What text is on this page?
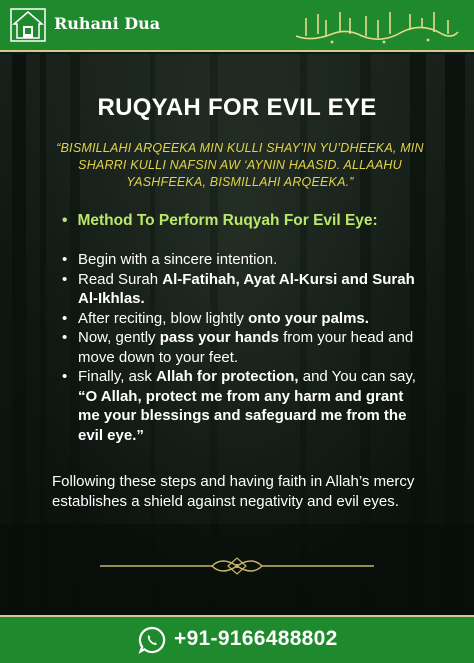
Ruhani Dua
RUQYAH FOR EVIL EYE
“BISMILLAHI ARQEEKA MIN KULLI SHAY’IN YU’DHEEKA, MIN SHARRI KULLI NAFSIN AW ‘AYNIN HAASID. ALLAAHU YASHFEEKA, BISMILLAHI ARQEEKA.”
• Method To Perform Ruqyah For Evil Eye:
• Begin with a sincere intention.
• Read Surah Al-Fatihah, Ayat Al-Kursi and Surah Al-Ikhlas.
• After reciting, blow lightly onto your palms.
• Now, gently pass your hands from your head and move down to your feet.
• Finally, ask Allah for protection, and You can say, “O Allah, protect me from any harm and grant me your blessings and safeguard me from the evil eye.”
Following these steps and having faith in Allah’s mercy establishes a shield against negativity and evil eyes.
+91-9166488802
